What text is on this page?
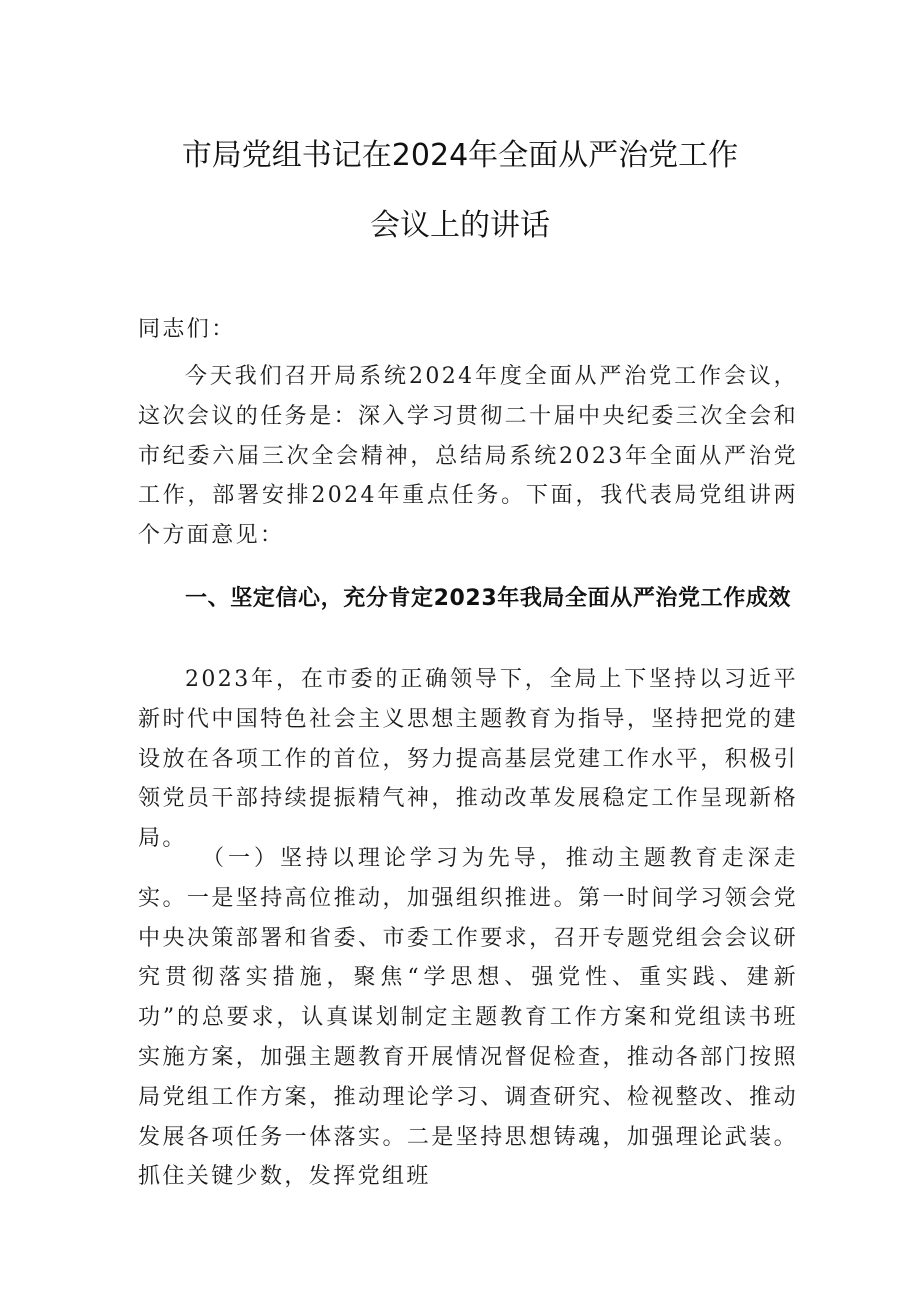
市局党组书记在2024年全面从严治党工作
会议上的讲话

同志们：

今天我们召开局系统2024年度全面从严治党工作会议，这次会议的任务是：深入学习贯彻二十届中央纪委三次全会和市纪委六届三次全会精神，总结局系统2023年全面从严治党工作，部署安排2024年重点任务。下面，我代表局党组讲两个方面意见：

一、坚定信心，充分肯定2023年我局全面从严治党工作成效

2023年，在市委的正确领导下，全局上下坚持以习近平新时代中国特色社会主义思想主题教育为指导，坚持把党的建设放在各项工作的首位，努力提高基层党建工作水平，积极引领党员干部持续提振精气神，推动改革发展稳定工作呈现新格局。

（一）坚持以理论学习为先导，推动主题教育走深走实。一是坚持高位推动，加强组织推进。第一时间学习领会党中央决策部署和省委、市委工作要求，召开专题党组会会议研究贯彻落实措施，聚焦“学思想、强党性、重实践、建新功”的总要求，认真谋划制定主题教育工作方案和党组读书班实施方案，加强主题教育开展情况督促检查，推动各部门按照局党组工作方案，推动理论学习、调查研究、检视整改、推动发展各项任务一体落实。二是坚持思想铸魂，加强理论武装。抓住关键少数，发挥党组班
